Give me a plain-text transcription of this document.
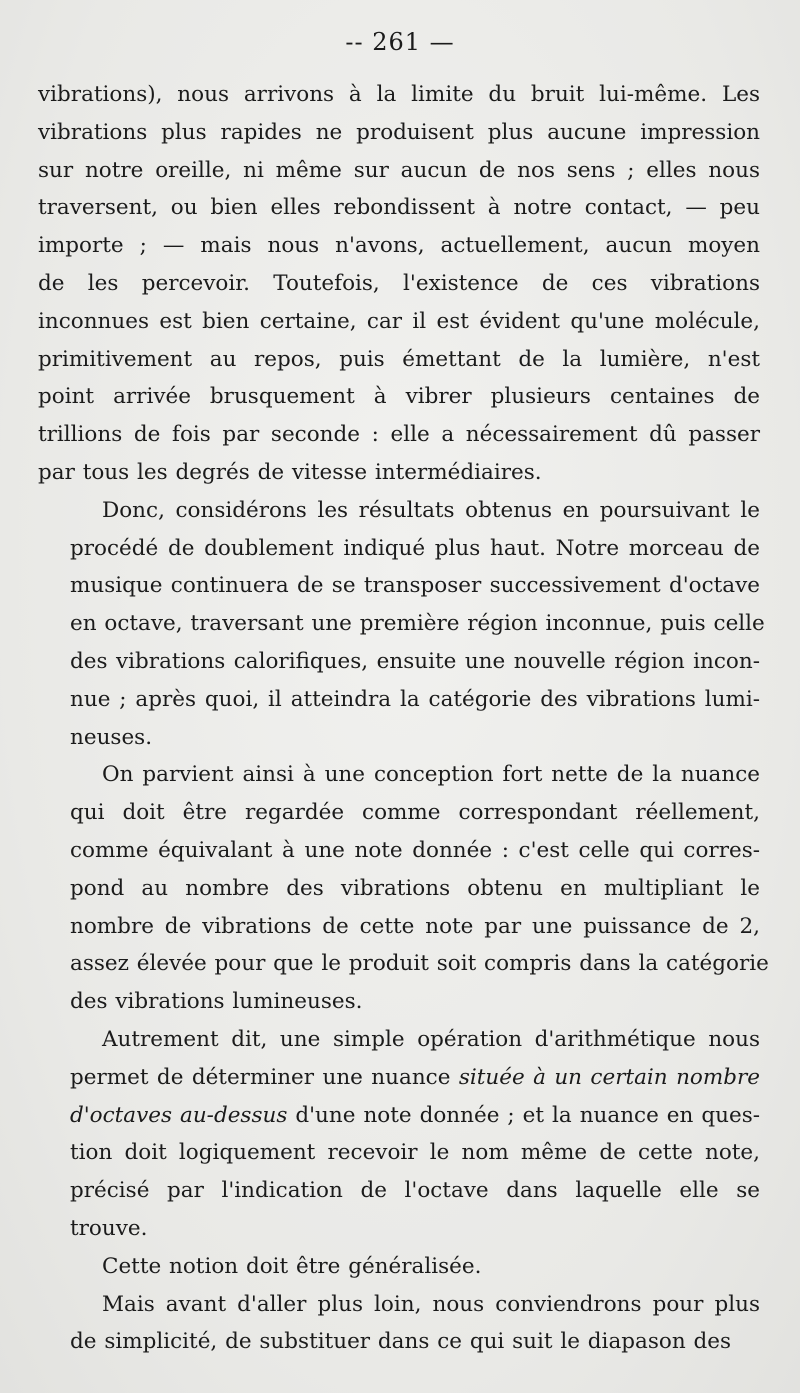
-- 261 —
vibrations), nous arrivons à la limite du bruit lui-même. Les
vibrations plus rapides ne produisent plus aucune impression
sur notre oreille, ni même sur aucun de nos sens ; elles nous
traversent, ou bien elles rebondissent à notre contact, — peu
importe ; — mais nous n'avons, actuellement, aucun moyen
de les percevoir. Toutefois, l'existence de ces vibrations
inconnues est bien certaine, car il est évident qu'une molécule,
primitivement au repos, puis émettant de la lumière, n'est
point arrivée brusquement à vibrer plusieurs centaines de
trillions de fois par seconde : elle a nécessairement dû passer
par tous les degrés de vitesse intermédiaires.
Donc, considérons les résultats obtenus en poursuivant le
procédé de doublement indiqué plus haut. Notre morceau de
musique continuera de se transposer successivement d'octave
en octave, traversant une première région inconnue, puis celle
des vibrations calorifiques, ensuite une nouvelle région incon-
nue ; après quoi, il atteindra la catégorie des vibrations lumi-
neuses.
On parvient ainsi à une conception fort nette de la nuance
qui doit être regardée comme correspondant réellement,
comme équivalant à une note donnée : c'est celle qui corres-
pond au nombre des vibrations obtenu en multipliant le
nombre de vibrations de cette note par une puissance de 2,
assez élevée pour que le produit soit compris dans la catégorie
des vibrations lumineuses.
Autrement dit, une simple opération d'arithmétique nous
permet de déterminer une nuance située à un certain nombre
d'octaves au-dessus d'une note donnée ; et la nuance en ques-
tion doit logiquement recevoir le nom même de cette note,
précisé par l'indication de l'octave dans laquelle elle se
trouve.
Cette notion doit être généralisée.
Mais avant d'aller plus loin, nous conviendrons pour plus
de simplicité, de substituer dans ce qui suit le diapason des
